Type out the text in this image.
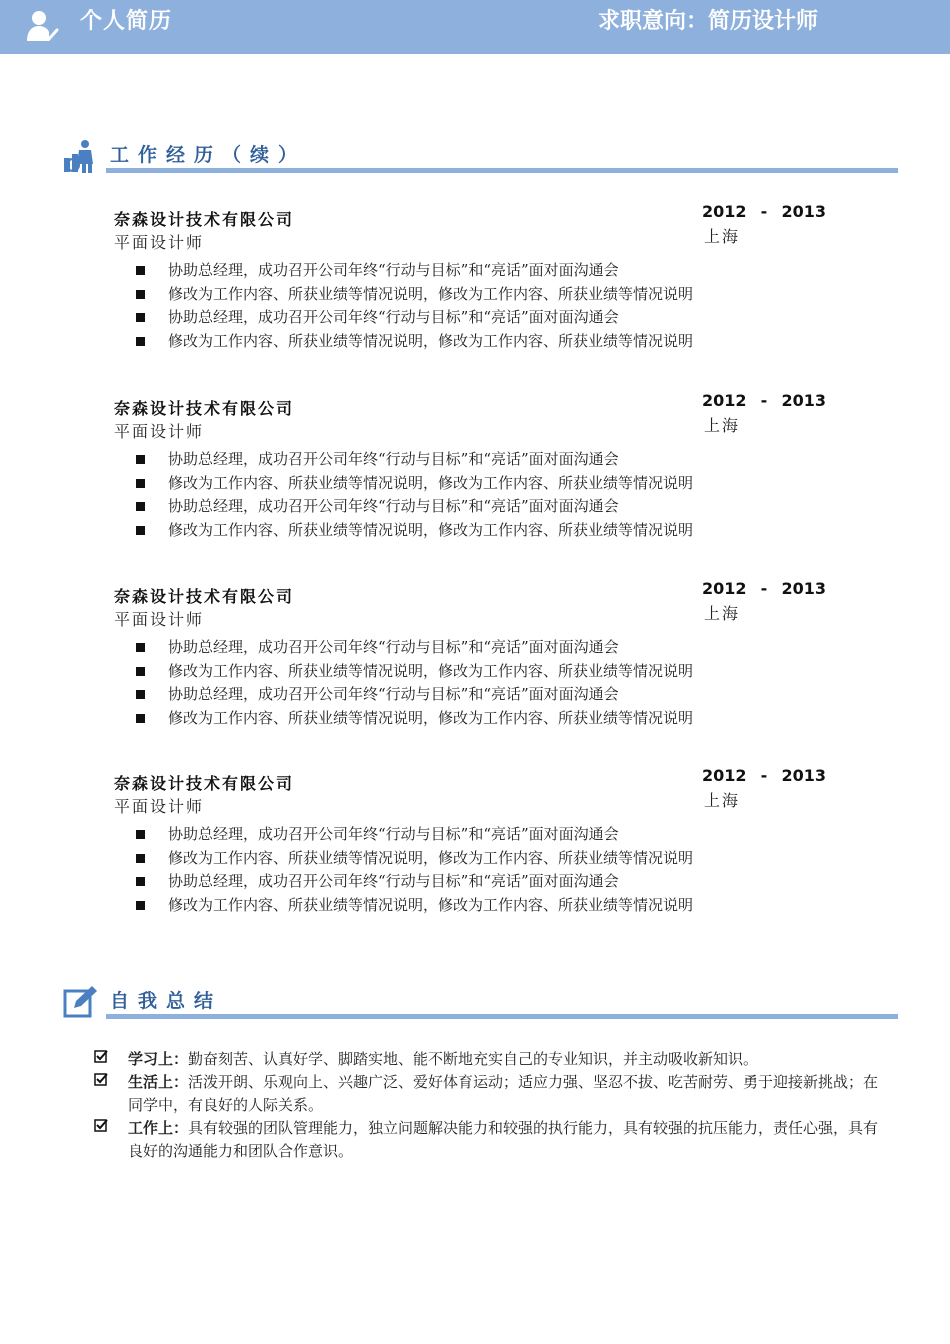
个人简历	求职意向：简历设计师
工作经历（续）
奈森设计技术有限公司
平面设计师
2012 - 2013
上海
协助总经理，成功召开公司年终“行动与目标”和“亮话”面对面沟通会
修改为工作内容、所获业绩等情况说明，修改为工作内容、所获业绩等情况说明
协助总经理，成功召开公司年终“行动与目标”和“亮话”面对面沟通会
修改为工作内容、所获业绩等情况说明，修改为工作内容、所获业绩等情况说明
奈森设计技术有限公司
平面设计师
2012 - 2013
上海
协助总经理，成功召开公司年终“行动与目标”和“亮话”面对面沟通会
修改为工作内容、所获业绩等情况说明，修改为工作内容、所获业绩等情况说明
协助总经理，成功召开公司年终“行动与目标”和“亮话”面对面沟通会
修改为工作内容、所获业绩等情况说明，修改为工作内容、所获业绩等情况说明
奈森设计技术有限公司
平面设计师
2012 - 2013
上海
协助总经理，成功召开公司年终“行动与目标”和“亮话”面对面沟通会
修改为工作内容、所获业绩等情况说明，修改为工作内容、所获业绩等情况说明
协助总经理，成功召开公司年终“行动与目标”和“亮话”面对面沟通会
修改为工作内容、所获业绩等情况说明，修改为工作内容、所获业绩等情况说明
奈森设计技术有限公司
平面设计师
2012 - 2013
上海
协助总经理，成功召开公司年终“行动与目标”和“亮话”面对面沟通会
修改为工作内容、所获业绩等情况说明，修改为工作内容、所获业绩等情况说明
协助总经理，成功召开公司年终“行动与目标”和“亮话”面对面沟通会
修改为工作内容、所获业绩等情况说明，修改为工作内容、所获业绩等情况说明
自我总结
学习上：勤奋刻苦、认真好学、脚踏实地、能不断地充实自己的专业知识，并主动吸收新知识。
生活上：活泼开朗、乐观向上、兴趣广泛、爱好体育运动；适应力强、坚忍不拔、吃苦耐劳、勇于迎接新挑战；在同学中，有良好的人际关系。
工作上：具有较强的团队管理能力，独立问题解决能力和较强的执行能力，具有较强的抗压能力，责任心强，具有良好的沟通能力和团队合作意识。
